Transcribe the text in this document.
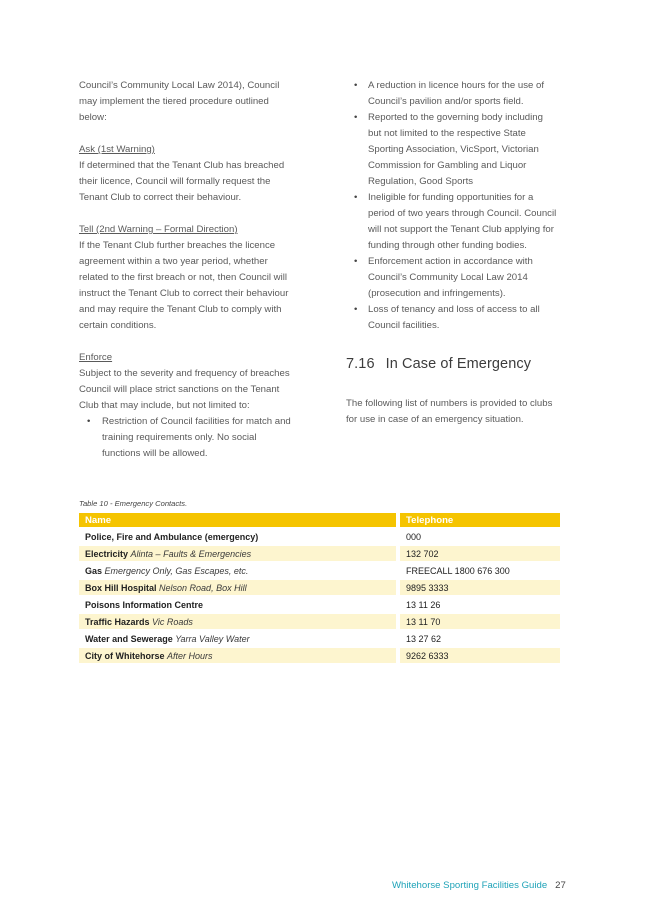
Council’s Community Local Law 2014), Council

may implement the tiered procedure outlined

below:

Ask (1st Warning)

If determined that the Tenant Club has breached

their licence, Council will formally request the

Tenant Club to correct their behaviour.

Tell (2nd Warning – Formal Direction)

If the Tenant Club further breaches the licence

agreement within a two year period, whether

related to the first breach or not, then Council will

instruct the Tenant Club to correct their behaviour

and may require the Tenant Club to comply with

certain conditions.

Enforce

Subject to the severity and frequency of breaches

Council will place strict sanctions on the Tenant

Club that may include, but not limited to:

• Restriction of Council facilities for match and

training requirements only. No social

functions will be allowed.

• A reduction in licence hours for the use of

Council’s pavilion and/or sports field.

• Reported to the governing body including

but not limited to the respective State

Sporting Association, VicSport, Victorian

Commission for Gambling and Liquor

Regulation, Good Sports

• Ineligible for funding opportunities for a

period of two years through Council. Council

will not support the Tenant Club applying for

funding through other funding bodies.

• Enforcement action in accordance with

Council’s Community Local Law 2014

(prosecution and infringements).

• Loss of tenancy and loss of access to all

Council facilities.

7.16 In Case of Emergency

The following list of numbers is provided to clubs

for use in case of an emergency situation.

Table 10 - Emergency Contacts.
Name	Telephone
Police, Fire and Ambulance (emergency)	000
Electricity Alinta – Faults & Emergencies	132 702
Gas Emergency Only, Gas Escapes, etc.	FREECALL 1800 676 300
Box Hill Hospital Nelson Road, Box Hill	9895 3333
Poisons Information Centre	13 11 26
Traffic Hazards Vic Roads	13 11 70
Water and Sewerage Yarra Valley Water	13 27 62
City of Whitehorse After Hours	9262 6333
Whitehorse Sporting Facilities Guide 27
